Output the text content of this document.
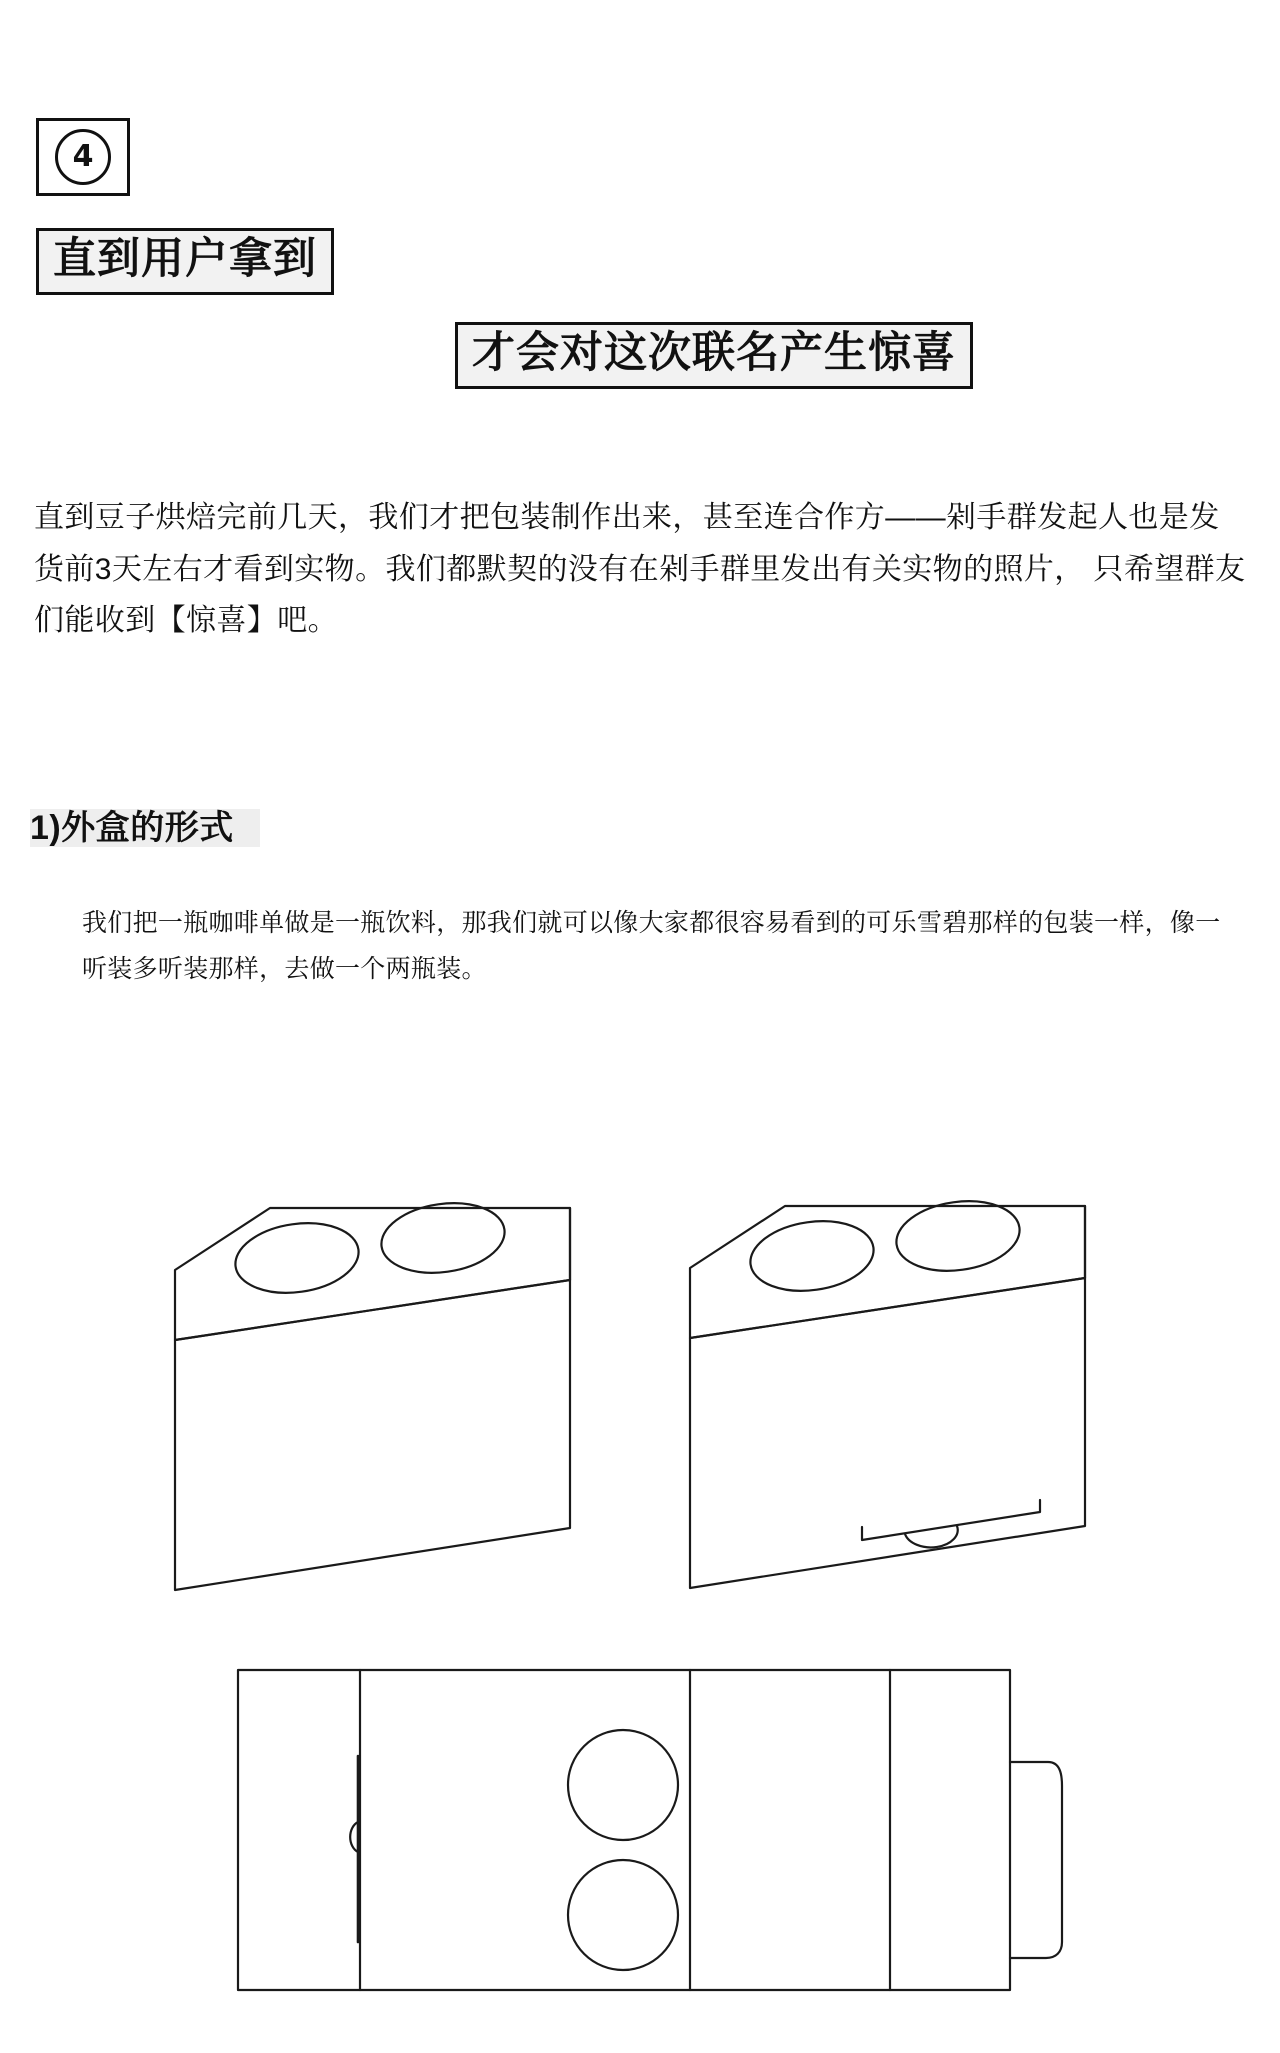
4
直到用户拿到
才会对这次联名产生惊喜
直到豆子烘焙完前几天，我们才把包装制作出来，甚至连合作方——剁手群发起人也是发货前3天左右才看到实物。我们都默契的没有在剁手群里发出有关实物的照片， 只希望群友们能收到【惊喜】吧。
1)外盒的形式
我们把一瓶咖啡单做是一瓶饮料，那我们就可以像大家都很容易看到的可乐雪碧那样的包装一样，像一听装多听装那样，去做一个两瓶装。
